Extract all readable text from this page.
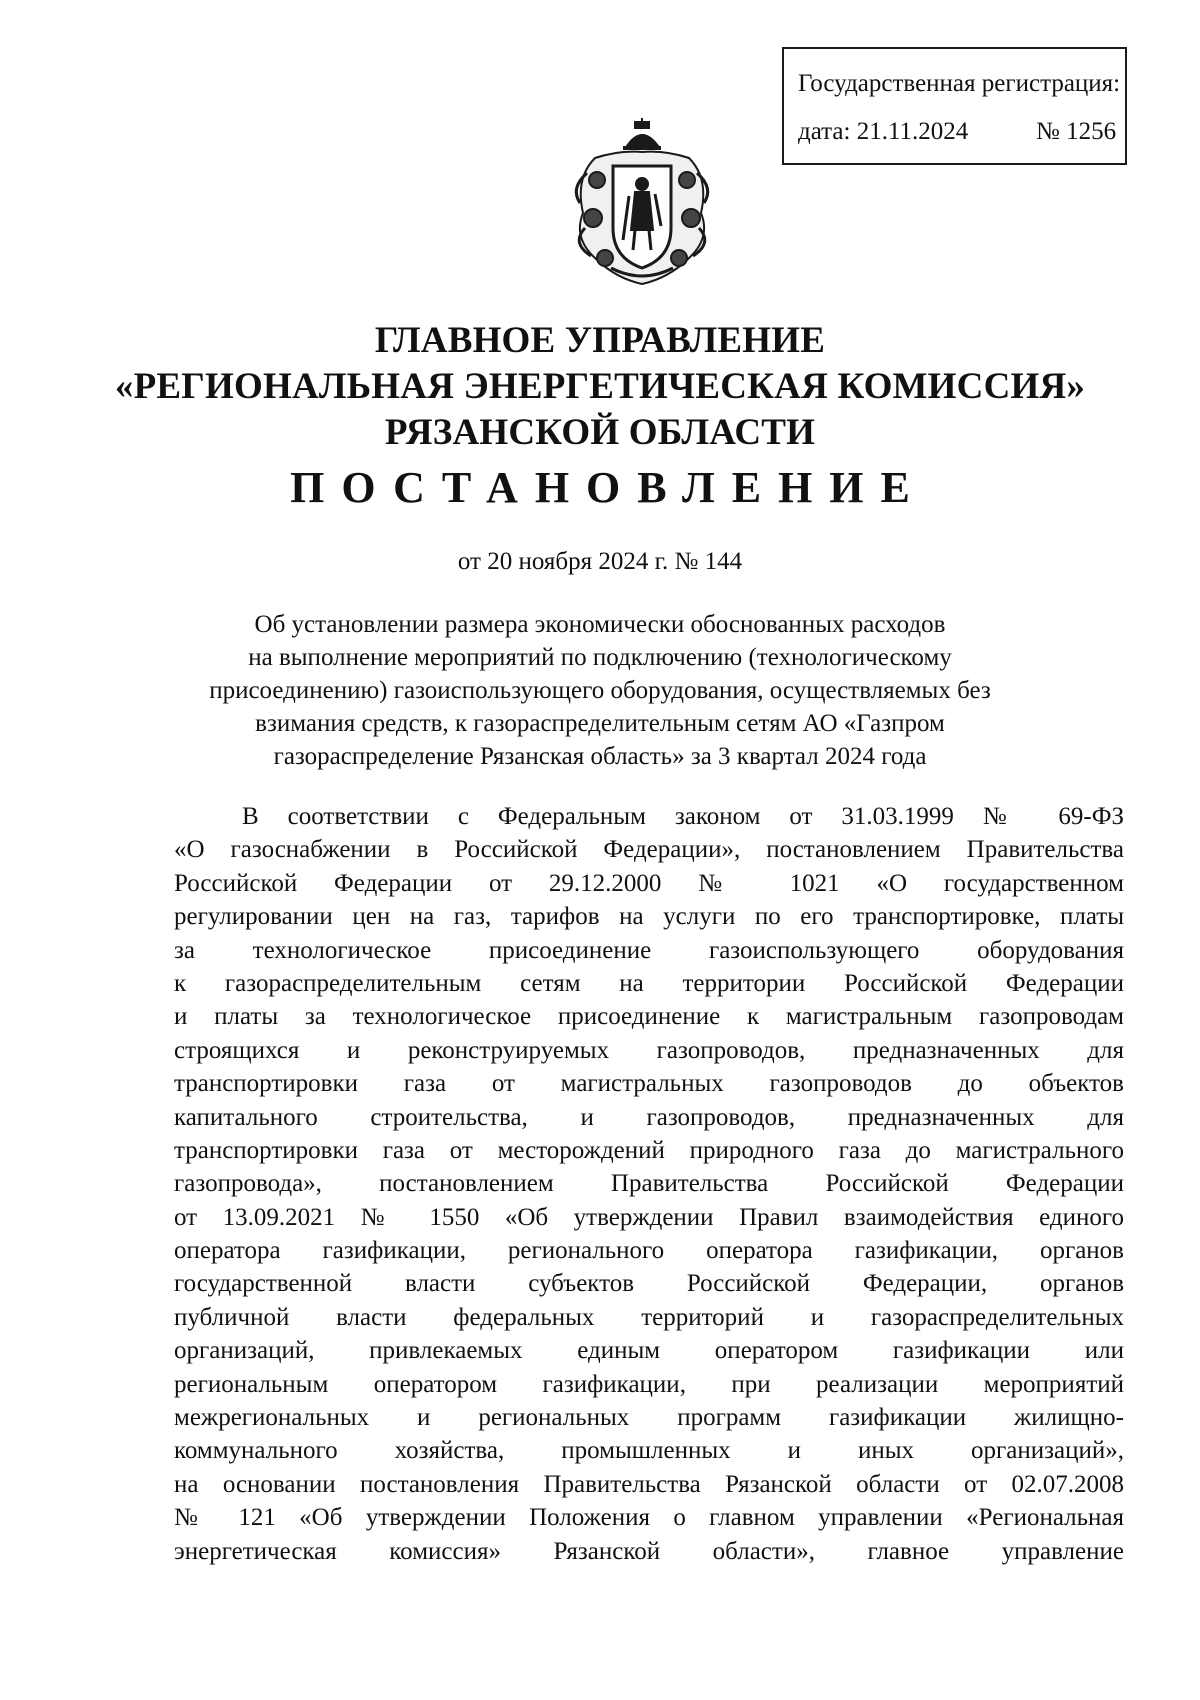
Государственная регистрация:
дата: 21.11.2024	№ 1256
ГЛАВНОЕ УПРАВЛЕНИЕ
«РЕГИОНАЛЬНАЯ ЭНЕРГЕТИЧЕСКАЯ КОМИССИЯ»
РЯЗАНСКОЙ ОБЛАСТИ
ПОСТАНОВЛЕНИЕ
от 20 ноября 2024 г. № 144
Об установлении размера экономически обоснованных расходов
на выполнение мероприятий по подключению (технологическому
присоединению) газоиспользующего оборудования, осуществляемых без
взимания средств, к газораспределительным сетям АО «Газпром
газораспределение Рязанская область» за 3 квартал 2024 года
В соответствии с Федеральным законом от 31.03.1999 № 69-ФЗ
«О газоснабжении в Российской Федерации», постановлением Правительства
Российской Федерации от 29.12.2000 № 1021 «О государственном
регулировании цен на газ, тарифов на услуги по его транспортировке, платы
за технологическое присоединение газоиспользующего оборудования
к газораспределительным сетям на территории Российской Федерации
и платы за технологическое присоединение к магистральным газопроводам
строящихся и реконструируемых газопроводов, предназначенных для
транспортировки газа от магистральных газопроводов до объектов
капитального строительства, и газопроводов, предназначенных для
транспортировки газа от месторождений природного газа до магистрального
газопровода», постановлением Правительства Российской Федерации
от 13.09.2021 № 1550 «Об утверждении Правил взаимодействия единого
оператора газификации, регионального оператора газификации, органов
государственной власти субъектов Российской Федерации, органов
публичной власти федеральных территорий и газораспределительных
организаций, привлекаемых единым оператором газификации или
региональным оператором газификации, при реализации мероприятий
межрегиональных и региональных программ газификации жилищно-
коммунального хозяйства, промышленных и иных организаций»,
на основании постановления Правительства Рязанской области от 02.07.2008
№ 121 «Об утверждении Положения о главном управлении «Региональная
энергетическая комиссия» Рязанской области», главное управление
